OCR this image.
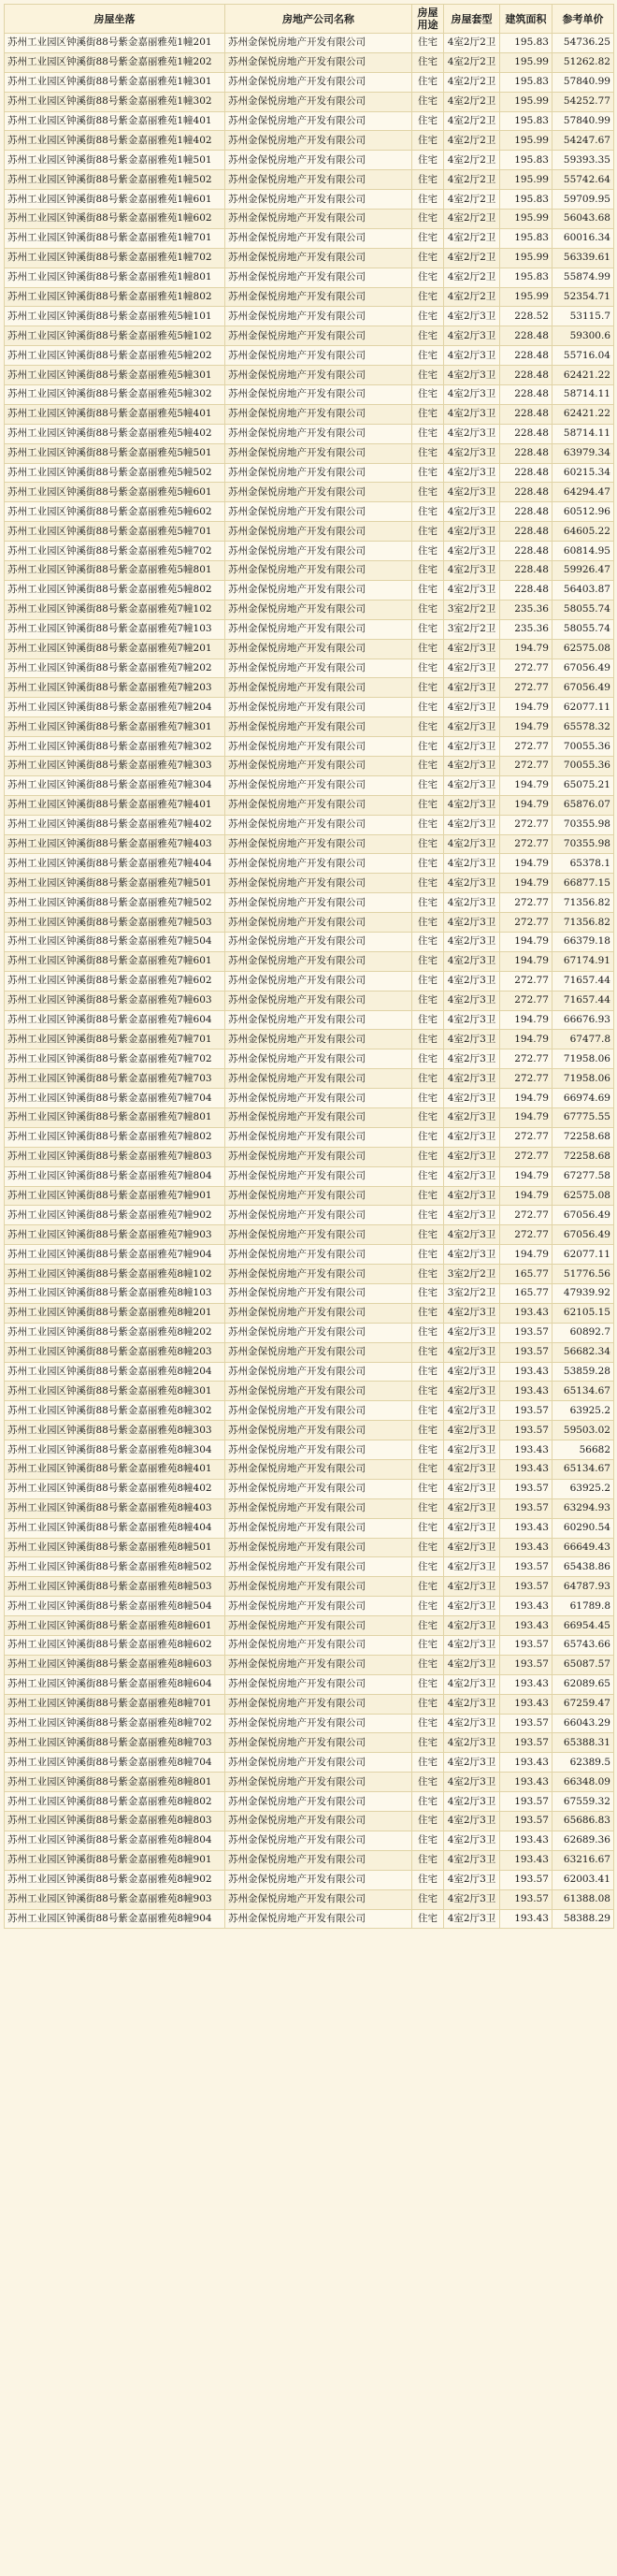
房屋坐落	房地产公司名称	房屋用途	房屋套型	建筑面积	参考单价
苏州工业园区钟溪街88号紫金嘉丽雅苑1幢201	苏州金保悦房地产开发有限公司	住宅	4室2厅2卫	195.83	54736.25
苏州工业园区钟溪街88号紫金嘉丽雅苑1幢202	苏州金保悦房地产开发有限公司	住宅	4室2厅2卫	195.99	51262.82
苏州工业园区钟溪街88号紫金嘉丽雅苑1幢301	苏州金保悦房地产开发有限公司	住宅	4室2厅2卫	195.83	57840.99
苏州工业园区钟溪街88号紫金嘉丽雅苑1幢302	苏州金保悦房地产开发有限公司	住宅	4室2厅2卫	195.99	54252.77
苏州工业园区钟溪街88号紫金嘉丽雅苑1幢401	苏州金保悦房地产开发有限公司	住宅	4室2厅2卫	195.83	57840.99
苏州工业园区钟溪街88号紫金嘉丽雅苑1幢402	苏州金保悦房地产开发有限公司	住宅	4室2厅2卫	195.99	54247.67
苏州工业园区钟溪街88号紫金嘉丽雅苑1幢501	苏州金保悦房地产开发有限公司	住宅	4室2厅2卫	195.83	59393.35
苏州工业园区钟溪街88号紫金嘉丽雅苑1幢502	苏州金保悦房地产开发有限公司	住宅	4室2厅2卫	195.99	55742.64
苏州工业园区钟溪街88号紫金嘉丽雅苑1幢601	苏州金保悦房地产开发有限公司	住宅	4室2厅2卫	195.83	59709.95
苏州工业园区钟溪街88号紫金嘉丽雅苑1幢602	苏州金保悦房地产开发有限公司	住宅	4室2厅2卫	195.99	56043.68
苏州工业园区钟溪街88号紫金嘉丽雅苑1幢701	苏州金保悦房地产开发有限公司	住宅	4室2厅2卫	195.83	60016.34
苏州工业园区钟溪街88号紫金嘉丽雅苑1幢702	苏州金保悦房地产开发有限公司	住宅	4室2厅2卫	195.99	56339.61
苏州工业园区钟溪街88号紫金嘉丽雅苑1幢801	苏州金保悦房地产开发有限公司	住宅	4室2厅2卫	195.83	55874.99
苏州工业园区钟溪街88号紫金嘉丽雅苑1幢802	苏州金保悦房地产开发有限公司	住宅	4室2厅2卫	195.99	52354.71
苏州工业园区钟溪街88号紫金嘉丽雅苑5幢101	苏州金保悦房地产开发有限公司	住宅	4室2厅3卫	228.52	53115.7
苏州工业园区钟溪街88号紫金嘉丽雅苑5幢102	苏州金保悦房地产开发有限公司	住宅	4室2厅3卫	228.48	59300.6
苏州工业园区钟溪街88号紫金嘉丽雅苑5幢202	苏州金保悦房地产开发有限公司	住宅	4室2厅3卫	228.48	55716.04
苏州工业园区钟溪街88号紫金嘉丽雅苑5幢301	苏州金保悦房地产开发有限公司	住宅	4室2厅3卫	228.48	62421.22
苏州工业园区钟溪街88号紫金嘉丽雅苑5幢302	苏州金保悦房地产开发有限公司	住宅	4室2厅3卫	228.48	58714.11
苏州工业园区钟溪街88号紫金嘉丽雅苑5幢401	苏州金保悦房地产开发有限公司	住宅	4室2厅3卫	228.48	62421.22
苏州工业园区钟溪街88号紫金嘉丽雅苑5幢402	苏州金保悦房地产开发有限公司	住宅	4室2厅3卫	228.48	58714.11
苏州工业园区钟溪街88号紫金嘉丽雅苑5幢501	苏州金保悦房地产开发有限公司	住宅	4室2厅3卫	228.48	63979.34
苏州工业园区钟溪街88号紫金嘉丽雅苑5幢502	苏州金保悦房地产开发有限公司	住宅	4室2厅3卫	228.48	60215.34
苏州工业园区钟溪街88号紫金嘉丽雅苑5幢601	苏州金保悦房地产开发有限公司	住宅	4室2厅3卫	228.48	64294.47
苏州工业园区钟溪街88号紫金嘉丽雅苑5幢602	苏州金保悦房地产开发有限公司	住宅	4室2厅3卫	228.48	60512.96
苏州工业园区钟溪街88号紫金嘉丽雅苑5幢701	苏州金保悦房地产开发有限公司	住宅	4室2厅3卫	228.48	64605.22
苏州工业园区钟溪街88号紫金嘉丽雅苑5幢702	苏州金保悦房地产开发有限公司	住宅	4室2厅3卫	228.48	60814.95
苏州工业园区钟溪街88号紫金嘉丽雅苑5幢801	苏州金保悦房地产开发有限公司	住宅	4室2厅3卫	228.48	59926.47
苏州工业园区钟溪街88号紫金嘉丽雅苑5幢802	苏州金保悦房地产开发有限公司	住宅	4室2厅3卫	228.48	56403.87
苏州工业园区钟溪街88号紫金嘉丽雅苑7幢102	苏州金保悦房地产开发有限公司	住宅	3室2厅2卫	235.36	58055.74
苏州工业园区钟溪街88号紫金嘉丽雅苑7幢103	苏州金保悦房地产开发有限公司	住宅	3室2厅2卫	235.36	58055.74
苏州工业园区钟溪街88号紫金嘉丽雅苑7幢201	苏州金保悦房地产开发有限公司	住宅	4室2厅3卫	194.79	62575.08
苏州工业园区钟溪街88号紫金嘉丽雅苑7幢202	苏州金保悦房地产开发有限公司	住宅	4室2厅3卫	272.77	67056.49
苏州工业园区钟溪街88号紫金嘉丽雅苑7幢203	苏州金保悦房地产开发有限公司	住宅	4室2厅3卫	272.77	67056.49
苏州工业园区钟溪街88号紫金嘉丽雅苑7幢204	苏州金保悦房地产开发有限公司	住宅	4室2厅3卫	194.79	62077.11
苏州工业园区钟溪街88号紫金嘉丽雅苑7幢301	苏州金保悦房地产开发有限公司	住宅	4室2厅3卫	194.79	65578.32
苏州工业园区钟溪街88号紫金嘉丽雅苑7幢302	苏州金保悦房地产开发有限公司	住宅	4室2厅3卫	272.77	70055.36
苏州工业园区钟溪街88号紫金嘉丽雅苑7幢303	苏州金保悦房地产开发有限公司	住宅	4室2厅3卫	272.77	70055.36
苏州工业园区钟溪街88号紫金嘉丽雅苑7幢304	苏州金保悦房地产开发有限公司	住宅	4室2厅3卫	194.79	65075.21
苏州工业园区钟溪街88号紫金嘉丽雅苑7幢401	苏州金保悦房地产开发有限公司	住宅	4室2厅3卫	194.79	65876.07
苏州工业园区钟溪街88号紫金嘉丽雅苑7幢402	苏州金保悦房地产开发有限公司	住宅	4室2厅3卫	272.77	70355.98
苏州工业园区钟溪街88号紫金嘉丽雅苑7幢403	苏州金保悦房地产开发有限公司	住宅	4室2厅3卫	272.77	70355.98
苏州工业园区钟溪街88号紫金嘉丽雅苑7幢404	苏州金保悦房地产开发有限公司	住宅	4室2厅3卫	194.79	65378.1
苏州工业园区钟溪街88号紫金嘉丽雅苑7幢501	苏州金保悦房地产开发有限公司	住宅	4室2厅3卫	194.79	66877.15
苏州工业园区钟溪街88号紫金嘉丽雅苑7幢502	苏州金保悦房地产开发有限公司	住宅	4室2厅3卫	272.77	71356.82
苏州工业园区钟溪街88号紫金嘉丽雅苑7幢503	苏州金保悦房地产开发有限公司	住宅	4室2厅3卫	272.77	71356.82
苏州工业园区钟溪街88号紫金嘉丽雅苑7幢504	苏州金保悦房地产开发有限公司	住宅	4室2厅3卫	194.79	66379.18
苏州工业园区钟溪街88号紫金嘉丽雅苑7幢601	苏州金保悦房地产开发有限公司	住宅	4室2厅3卫	194.79	67174.91
苏州工业园区钟溪街88号紫金嘉丽雅苑7幢602	苏州金保悦房地产开发有限公司	住宅	4室2厅3卫	272.77	71657.44
苏州工业园区钟溪街88号紫金嘉丽雅苑7幢603	苏州金保悦房地产开发有限公司	住宅	4室2厅3卫	272.77	71657.44
苏州工业园区钟溪街88号紫金嘉丽雅苑7幢604	苏州金保悦房地产开发有限公司	住宅	4室2厅3卫	194.79	66676.93
苏州工业园区钟溪街88号紫金嘉丽雅苑7幢701	苏州金保悦房地产开发有限公司	住宅	4室2厅3卫	194.79	67477.8
苏州工业园区钟溪街88号紫金嘉丽雅苑7幢702	苏州金保悦房地产开发有限公司	住宅	4室2厅3卫	272.77	71958.06
苏州工业园区钟溪街88号紫金嘉丽雅苑7幢703	苏州金保悦房地产开发有限公司	住宅	4室2厅3卫	272.77	71958.06
苏州工业园区钟溪街88号紫金嘉丽雅苑7幢704	苏州金保悦房地产开发有限公司	住宅	4室2厅3卫	194.79	66974.69
苏州工业园区钟溪街88号紫金嘉丽雅苑7幢801	苏州金保悦房地产开发有限公司	住宅	4室2厅3卫	194.79	67775.55
苏州工业园区钟溪街88号紫金嘉丽雅苑7幢802	苏州金保悦房地产开发有限公司	住宅	4室2厅3卫	272.77	72258.68
苏州工业园区钟溪街88号紫金嘉丽雅苑7幢803	苏州金保悦房地产开发有限公司	住宅	4室2厅3卫	272.77	72258.68
苏州工业园区钟溪街88号紫金嘉丽雅苑7幢804	苏州金保悦房地产开发有限公司	住宅	4室2厅3卫	194.79	67277.58
苏州工业园区钟溪街88号紫金嘉丽雅苑7幢901	苏州金保悦房地产开发有限公司	住宅	4室2厅3卫	194.79	62575.08
苏州工业园区钟溪街88号紫金嘉丽雅苑7幢902	苏州金保悦房地产开发有限公司	住宅	4室2厅3卫	272.77	67056.49
苏州工业园区钟溪街88号紫金嘉丽雅苑7幢903	苏州金保悦房地产开发有限公司	住宅	4室2厅3卫	272.77	67056.49
苏州工业园区钟溪街88号紫金嘉丽雅苑7幢904	苏州金保悦房地产开发有限公司	住宅	4室2厅3卫	194.79	62077.11
苏州工业园区钟溪街88号紫金嘉丽雅苑8幢102	苏州金保悦房地产开发有限公司	住宅	3室2厅2卫	165.77	51776.56
苏州工业园区钟溪街88号紫金嘉丽雅苑8幢103	苏州金保悦房地产开发有限公司	住宅	3室2厅2卫	165.77	47939.92
苏州工业园区钟溪街88号紫金嘉丽雅苑8幢201	苏州金保悦房地产开发有限公司	住宅	4室2厅3卫	193.43	62105.15
苏州工业园区钟溪街88号紫金嘉丽雅苑8幢202	苏州金保悦房地产开发有限公司	住宅	4室2厅3卫	193.57	60892.7
苏州工业园区钟溪街88号紫金嘉丽雅苑8幢203	苏州金保悦房地产开发有限公司	住宅	4室2厅3卫	193.57	56682.34
苏州工业园区钟溪街88号紫金嘉丽雅苑8幢204	苏州金保悦房地产开发有限公司	住宅	4室2厅3卫	193.43	53859.28
苏州工业园区钟溪街88号紫金嘉丽雅苑8幢301	苏州金保悦房地产开发有限公司	住宅	4室2厅3卫	193.43	65134.67
苏州工业园区钟溪街88号紫金嘉丽雅苑8幢302	苏州金保悦房地产开发有限公司	住宅	4室2厅3卫	193.57	63925.2
苏州工业园区钟溪街88号紫金嘉丽雅苑8幢303	苏州金保悦房地产开发有限公司	住宅	4室2厅3卫	193.57	59503.02
苏州工业园区钟溪街88号紫金嘉丽雅苑8幢304	苏州金保悦房地产开发有限公司	住宅	4室2厅3卫	193.43	56682
苏州工业园区钟溪街88号紫金嘉丽雅苑8幢401	苏州金保悦房地产开发有限公司	住宅	4室2厅3卫	193.43	65134.67
苏州工业园区钟溪街88号紫金嘉丽雅苑8幢402	苏州金保悦房地产开发有限公司	住宅	4室2厅3卫	193.57	63925.2
苏州工业园区钟溪街88号紫金嘉丽雅苑8幢403	苏州金保悦房地产开发有限公司	住宅	4室2厅3卫	193.57	63294.93
苏州工业园区钟溪街88号紫金嘉丽雅苑8幢404	苏州金保悦房地产开发有限公司	住宅	4室2厅3卫	193.43	60290.54
苏州工业园区钟溪街88号紫金嘉丽雅苑8幢501	苏州金保悦房地产开发有限公司	住宅	4室2厅3卫	193.43	66649.43
苏州工业园区钟溪街88号紫金嘉丽雅苑8幢502	苏州金保悦房地产开发有限公司	住宅	4室2厅3卫	193.57	65438.86
苏州工业园区钟溪街88号紫金嘉丽雅苑8幢503	苏州金保悦房地产开发有限公司	住宅	4室2厅3卫	193.57	64787.93
苏州工业园区钟溪街88号紫金嘉丽雅苑8幢504	苏州金保悦房地产开发有限公司	住宅	4室2厅3卫	193.43	61789.8
苏州工业园区钟溪街88号紫金嘉丽雅苑8幢601	苏州金保悦房地产开发有限公司	住宅	4室2厅3卫	193.43	66954.45
苏州工业园区钟溪街88号紫金嘉丽雅苑8幢602	苏州金保悦房地产开发有限公司	住宅	4室2厅3卫	193.57	65743.66
苏州工业园区钟溪街88号紫金嘉丽雅苑8幢603	苏州金保悦房地产开发有限公司	住宅	4室2厅3卫	193.57	65087.57
苏州工业园区钟溪街88号紫金嘉丽雅苑8幢604	苏州金保悦房地产开发有限公司	住宅	4室2厅3卫	193.43	62089.65
苏州工业园区钟溪街88号紫金嘉丽雅苑8幢701	苏州金保悦房地产开发有限公司	住宅	4室2厅3卫	193.43	67259.47
苏州工业园区钟溪街88号紫金嘉丽雅苑8幢702	苏州金保悦房地产开发有限公司	住宅	4室2厅3卫	193.57	66043.29
苏州工业园区钟溪街88号紫金嘉丽雅苑8幢703	苏州金保悦房地产开发有限公司	住宅	4室2厅3卫	193.57	65388.31
苏州工业园区钟溪街88号紫金嘉丽雅苑8幢704	苏州金保悦房地产开发有限公司	住宅	4室2厅3卫	193.43	62389.5
苏州工业园区钟溪街88号紫金嘉丽雅苑8幢801	苏州金保悦房地产开发有限公司	住宅	4室2厅3卫	193.43	66348.09
苏州工业园区钟溪街88号紫金嘉丽雅苑8幢802	苏州金保悦房地产开发有限公司	住宅	4室2厅3卫	193.57	67559.32
苏州工业园区钟溪街88号紫金嘉丽雅苑8幢803	苏州金保悦房地产开发有限公司	住宅	4室2厅3卫	193.57	65686.83
苏州工业园区钟溪街88号紫金嘉丽雅苑8幢804	苏州金保悦房地产开发有限公司	住宅	4室2厅3卫	193.43	62689.36
苏州工业园区钟溪街88号紫金嘉丽雅苑8幢901	苏州金保悦房地产开发有限公司	住宅	4室2厅3卫	193.43	63216.67
苏州工业园区钟溪街88号紫金嘉丽雅苑8幢902	苏州金保悦房地产开发有限公司	住宅	4室2厅3卫	193.57	62003.41
苏州工业园区钟溪街88号紫金嘉丽雅苑8幢903	苏州金保悦房地产开发有限公司	住宅	4室2厅3卫	193.57	61388.08
苏州工业园区钟溪街88号紫金嘉丽雅苑8幢904	苏州金保悦房地产开发有限公司	住宅	4室2厅3卫	193.43	58388.29
